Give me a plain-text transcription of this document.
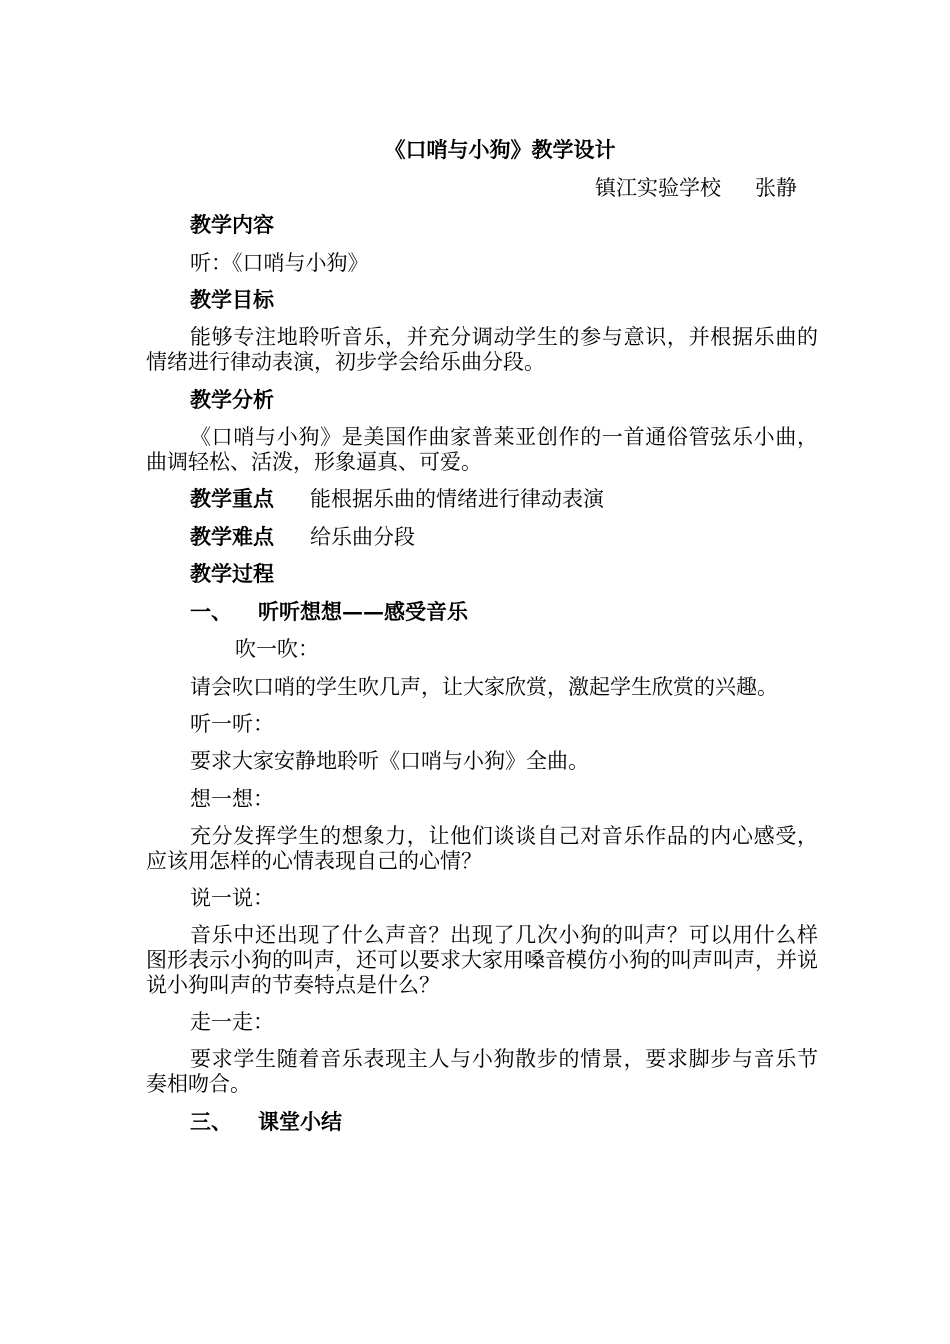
《口哨与小狗》教学设计
镇江实验学校 张静
教学内容
听：《口哨与小狗》
教学目标
能够专注地聆听音乐，并充分调动学生的参与意识，并根据乐曲的情绪进行律动表演，初步学会给乐曲分段。
教学分析
《口哨与小狗》是美国作曲家普莱亚创作的一首通俗管弦乐小曲，曲调轻松、活泼，形象逼真、可爱。
教学重点 能根据乐曲的情绪进行律动表演
教学难点 给乐曲分段
教学过程
一、 听听想想——感受音乐
吹一吹：
请会吹口哨的学生吹几声，让大家欣赏，激起学生欣赏的兴趣。
听一听：
要求大家安静地聆听《口哨与小狗》全曲。
想一想：
充分发挥学生的想象力，让他们谈谈自己对音乐作品的内心感受，应该用怎样的心情表现自己的心情？
说一说：
音乐中还出现了什么声音？出现了几次小狗的叫声？可以用什么样图形表示小狗的叫声，还可以要求大家用嗓音模仿小狗的叫声叫声，并说说小狗叫声的节奏特点是什么？
走一走：
要求学生随着音乐表现主人与小狗散步的情景，要求脚步与音乐节奏相吻合。
三、 课堂小结
